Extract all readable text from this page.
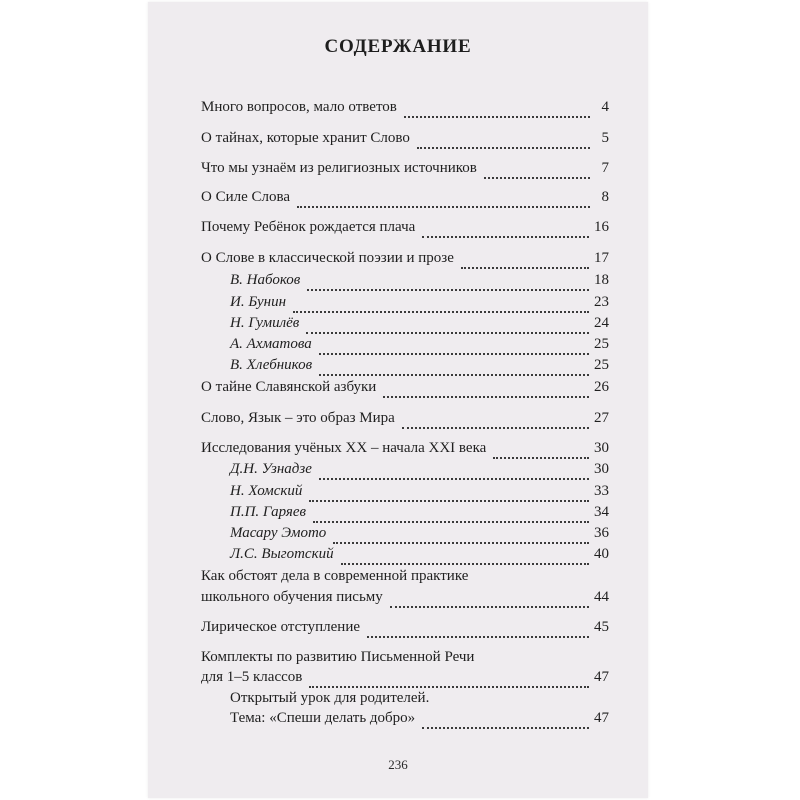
СОДЕРЖАНИЕ
Много вопросов, мало ответов	4
О тайнах, которые хранит Слово	5
Что мы узнаём из религиозных источников	7
О Силе Слова	8
Почему Ребёнок рождается плача	16
О Слове в классической поэзии и прозе	17
В. Набоков	18
И. Бунин	23
Н. Гумилёв	24
А. Ахматова	25
В. Хлебников	25
О тайне Славянской азбуки	26
Слово, Язык – это образ Мира	27
Исследования учёных XX – начала XXI века	30
Д.Н. Узнадзе	30
Н. Хомский	33
П.П. Гаряев	34
Масару Эмото	36
Л.С. Выготский	40
Как обстоят дела в современной практике
школьного обучения письму	44
Лирическое отступление	45
Комплекты по развитию Письменной Речи
для 1–5 классов	47
Открытый урок для родителей.
Тема: «Спеши делать добро»	47
236
